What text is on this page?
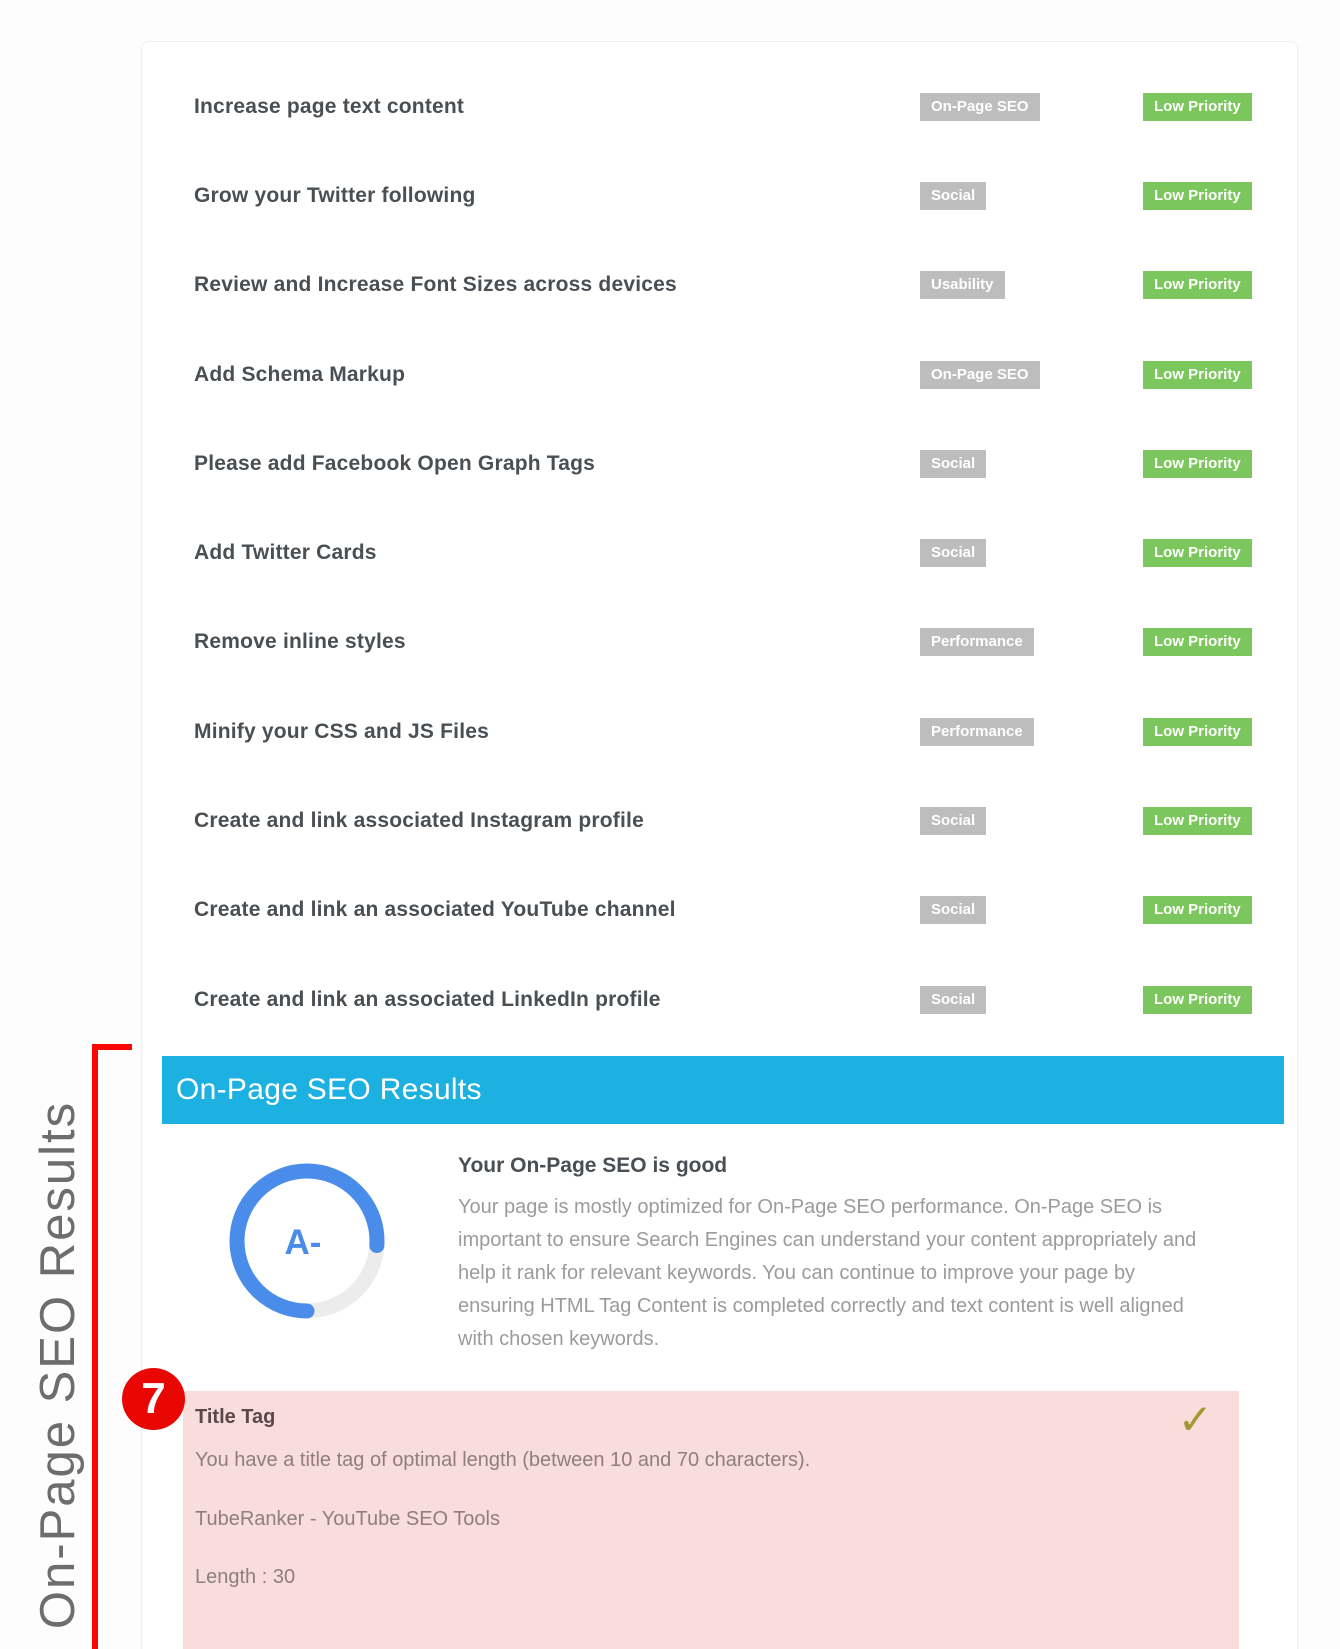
On-Page SEO Results 7
Increase page text content	On-Page SEO	Low Priority
Grow your Twitter following	Social	Low Priority
Review and Increase Font Sizes across devices	Usability	Low Priority
Add Schema Markup	On-Page SEO	Low Priority
Please add Facebook Open Graph Tags	Social	Low Priority
Add Twitter Cards	Social	Low Priority
Remove inline styles	Performance	Low Priority
Minify your CSS and JS Files	Performance	Low Priority
Create and link associated Instagram profile	Social	Low Priority
Create and link an associated YouTube channel	Social	Low Priority
Create and link an associated LinkedIn profile	Social	Low Priority
On-Page SEO Results
A-
Your On-Page SEO is good

Your page is mostly optimized for On-Page SEO performance. On-Page SEO is important to ensure Search Engines can understand your content appropriately and help it rank for relevant keywords. You can continue to improve your page by ensuring HTML Tag Content is completed correctly and text content is well aligned with chosen keywords.

✓
Title Tag

You have a title tag of optimal length (between 10 and 70 characters).

TubeRanker - YouTube SEO Tools

Length : 30
